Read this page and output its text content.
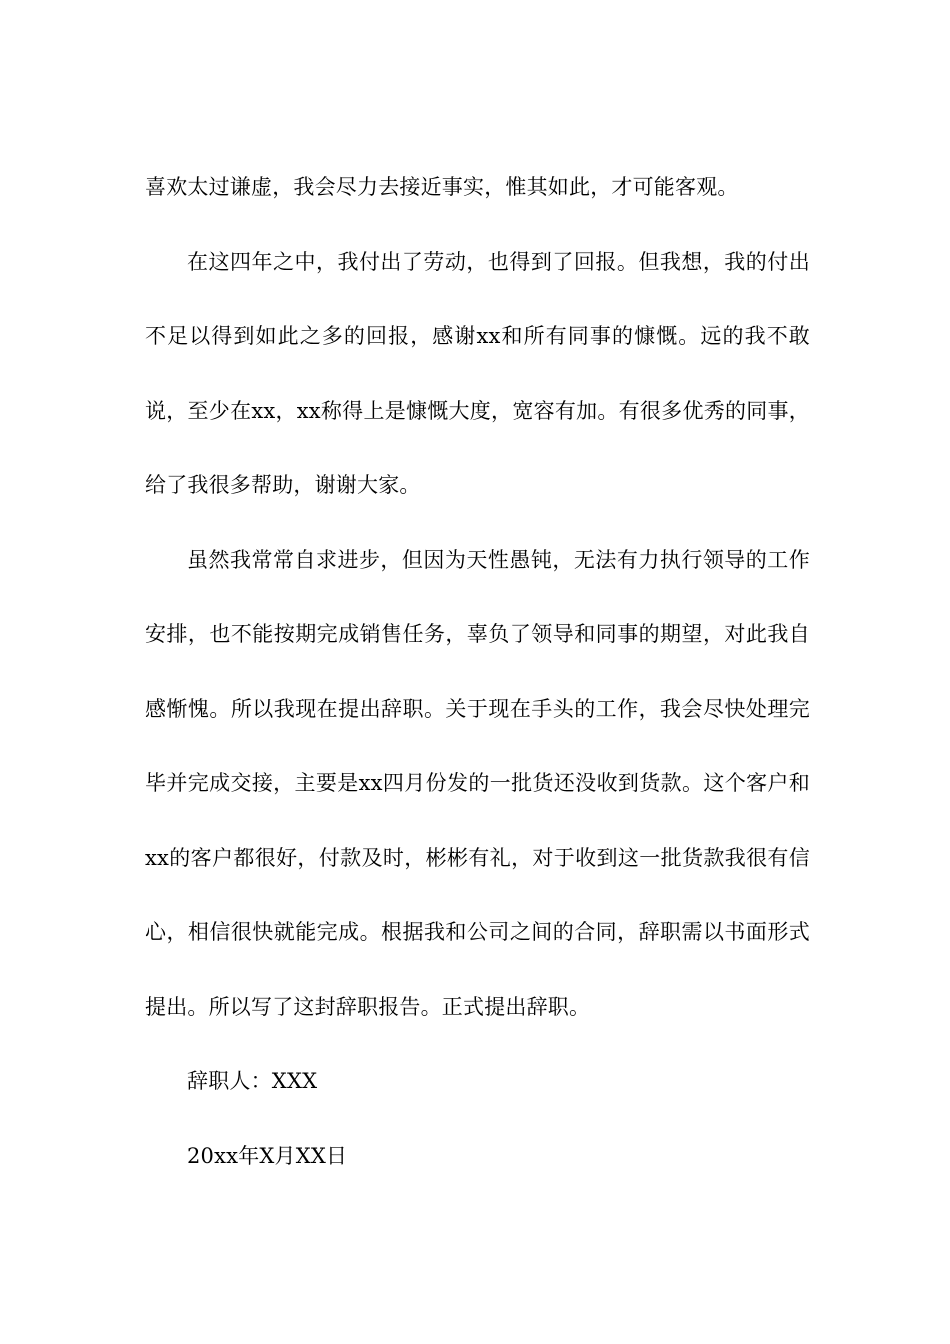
喜欢太过谦虚，我会尽力去接近事实，惟其如此，才可能客观。

在这四年之中，我付出了劳动，也得到了回报。但我想，我的付出不足以得到如此之多的回报，感谢xx和所有同事的慷慨。远的我不敢说，至少在xx，xx称得上是慷慨大度，宽容有加。有很多优秀的同事，给了我很多帮助，谢谢大家。

虽然我常常自求进步，但因为天性愚钝，无法有力执行领导的工作安排，也不能按期完成销售任务，辜负了领导和同事的期望，对此我自感惭愧。所以我现在提出辞职。关于现在手头的工作，我会尽快处理完毕并完成交接，主要是xx四月份发的一批货还没收到货款。这个客户和xx的客户都很好，付款及时，彬彬有礼，对于收到这一批货款我很有信心，相信很快就能完成。根据我和公司之间的合同，辞职需以书面形式提出。所以写了这封辞职报告。正式提出辞职。

辞职人：XXX

20xx年X月XX日
